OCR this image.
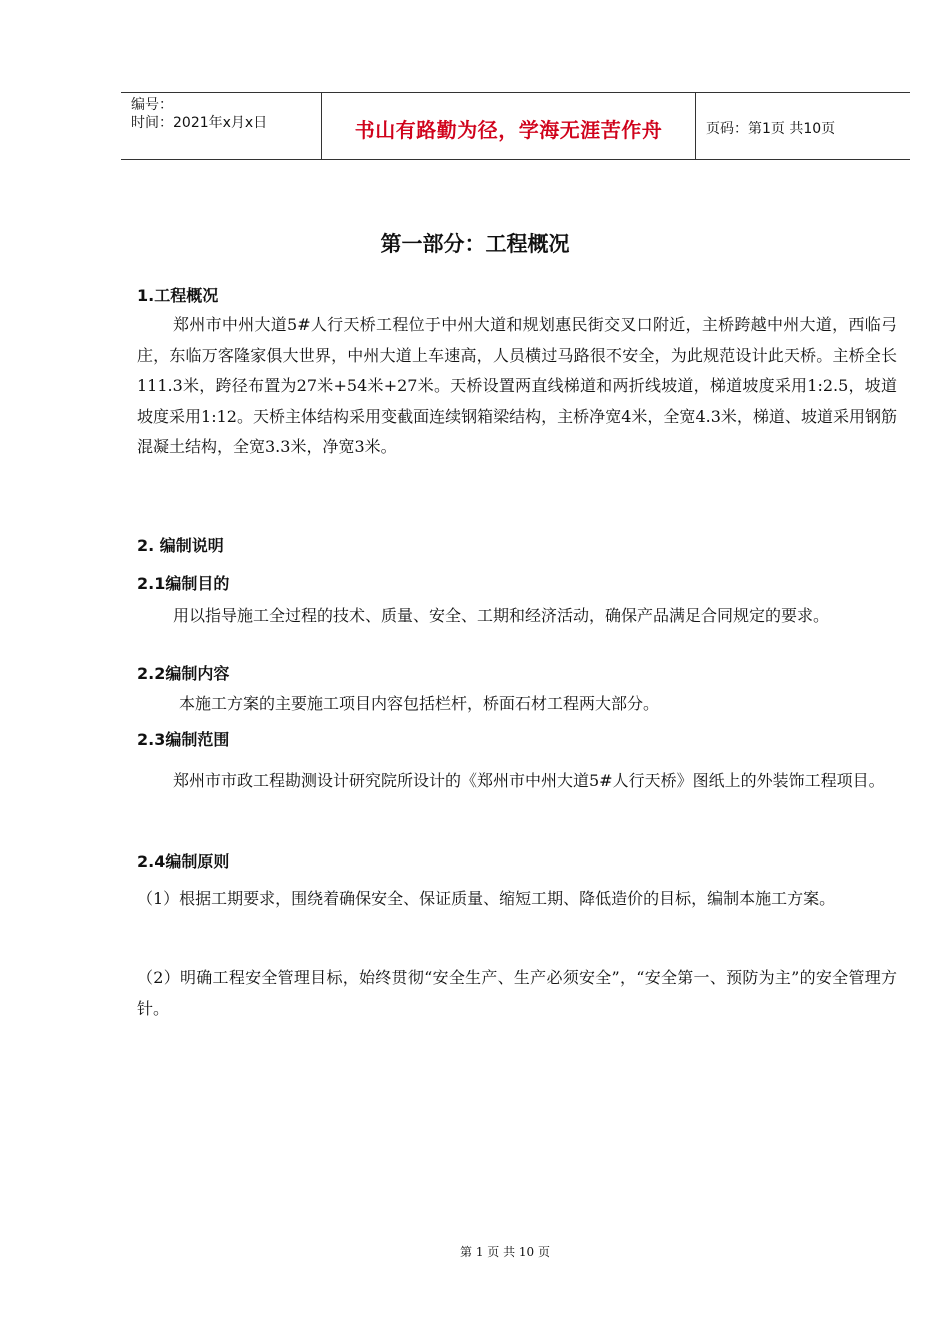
编号：
时间：2021年x月x日	书山有路勤为径，学海无涯苦作舟	页码：第1页 共10页
第一部分：工程概况
1.工程概况
郑州市中州大道5#人行天桥工程位于中州大道和规划惠民街交叉口附近，主桥跨越中州大道，西临弓庄，东临万客隆家俱大世界，中州大道上车速高，人员横过马路很不安全，为此规范设计此天桥。主桥全长111.3米，跨径布置为27米+54米+27米。天桥设置两直线梯道和两折线坡道，梯道坡度采用1:2.5，坡道坡度采用1:12。天桥主体结构采用变截面连续钢箱梁结构，主桥净宽4米，全宽4.3米，梯道、坡道采用钢筋混凝土结构，全宽3.3米，净宽3米。
2. 编制说明
2.1编制目的
用以指导施工全过程的技术、质量、安全、工期和经济活动，确保产品满足合同规定的要求。
2.2编制内容
本施工方案的主要施工项目内容包括栏杆，桥面石材工程两大部分。
2.3编制范围
郑州市市政工程勘测设计研究院所设计的《郑州市中州大道5#人行天桥》图纸上的外装饰工程项目。
2.4编制原则
（1）根据工期要求，围绕着确保安全、保证质量、缩短工期、降低造价的目标，编制本施工方案。
（2）明确工程安全管理目标，始终贯彻“安全生产、生产必须安全”，“安全第一、预防为主”的安全管理方针。
第 1 页 共 10 页
